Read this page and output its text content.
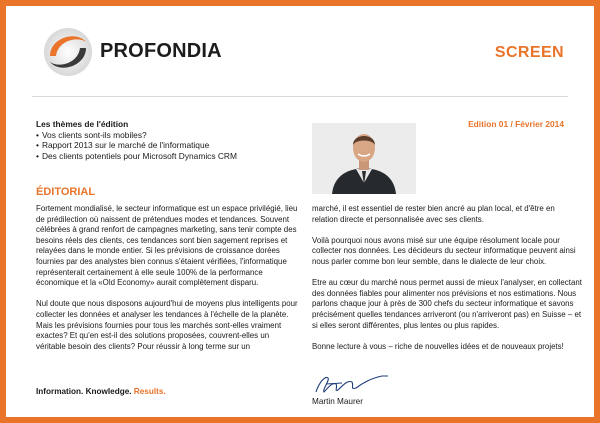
PROFONDIA	SCREEN
Les thèmes de l'édition
• Vos clients sont-ils mobiles?
• Rapport 2013 sur le marché de l'informatique
• Des clients potentiels pour Microsoft Dynamics CRM
Edition 01 / Février 2014
ÉDITORIAL

Fortement mondialisé, le secteur informatique est un espace privilégié, lieu de prédilection où naissent de prétendues modes et tendances. Souvent célébrées à grand renfort de campagnes marketing, sans tenir compte des besoins réels des clients, ces tendances sont bien sagement reprises et relayées dans le monde entier. Si les prévisions de croissance dorées fournies par des analystes bien connus s'étaient vérifiées, l'informatique représenterait certainement à elle seule 100% de la performance économique et la «Old Economy» aurait complètement disparu.

Nul doute que nous disposons aujourd'hui de moyens plus intelligents pour collecter les données et analyser les tendances à l'échelle de la planète. Mais les prévisions fournies pour tous les marchés sont-elles vraiment exactes? Et qu'en est-il des solutions proposées, couvrent-elles un véritable besoin des clients? Pour réussir à long terme sur un

marché, il est essentiel de rester bien ancré au plan local, et d'être en relation directe et personnalisée avec ses clients.

Voilà pourquoi nous avons misé sur une équipe résolument locale pour collecter nos données. Les décideurs du secteur informatique peuvent ainsi nous parler comme bon leur semble, dans le dialecte de leur choix.

Etre au cœur du marché nous permet aussi de mieux l'analyser, en collectant des données fiables pour alimenter nos prévisions et nos estimations. Nous parlons chaque jour à près de 300 chefs du secteur informatique et savons précisément quelles tendances arriveront (ou n'arriveront pas) en Suisse – et si elles seront différentes, plus lentes ou plus rapides.

Bonne lecture à vous – riche de nouvelles idées et de nouveaux projets!

Information. Knowledge. Results.
Martin Maurer
